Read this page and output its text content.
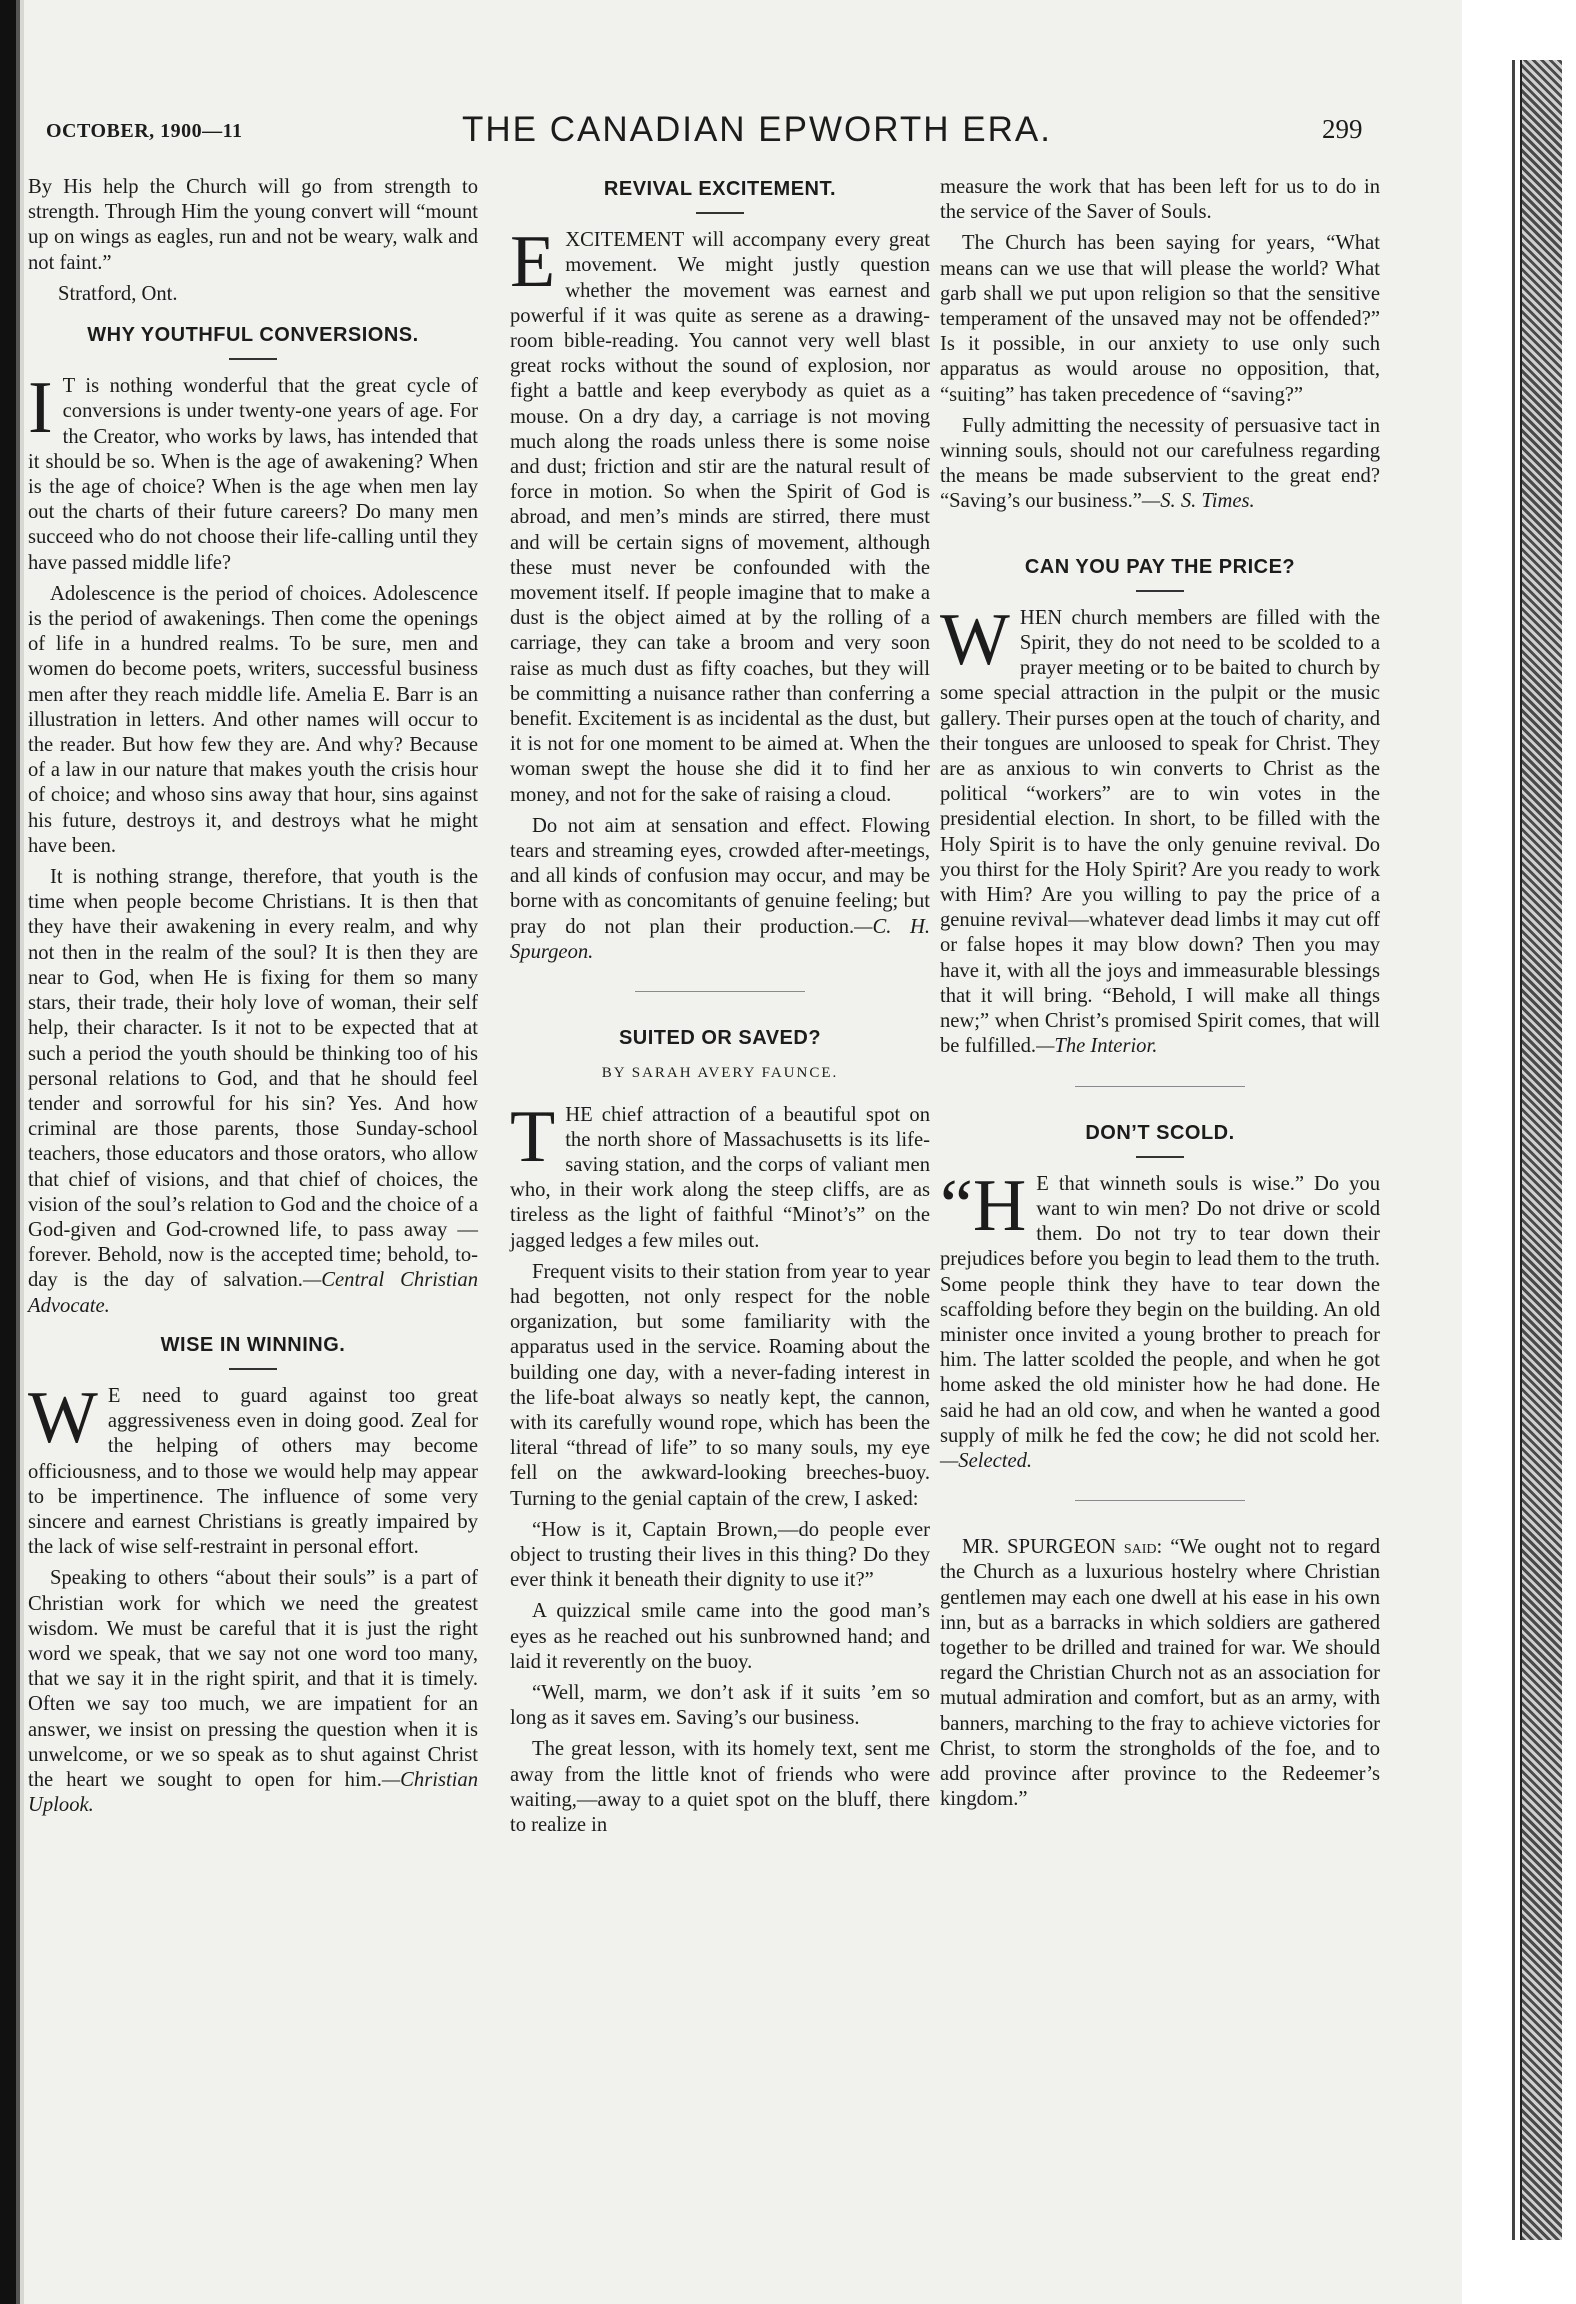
OCTOBER, 1900—11	THE CANADIAN EPWORTH ERA.	299

By His help the Church will go from strength to strength. Through Him the young convert will “mount up on wings as eagles, run and not be weary, walk and not faint.”

Stratford, Ont.

WHY YOUTHFUL CONVERSIONS.

I T is nothing wonderful that the great cycle of conversions is under twenty-one years of age. For the Creator, who works by laws, has intended that it should be so. When is the age of awakening? When is the age of choice? When is the age when men lay out the charts of their future careers? Do many men succeed who do not choose their life-calling until they have passed middle life?

Adolescence is the period of choices. Adolescence is the period of awakenings. Then come the openings of life in a hundred realms. To be sure, men and women do become poets, writers, successful business men after they reach middle life. Amelia E. Barr is an illustration in letters. And other names will occur to the reader. But how few they are. And why? Because of a law in our nature that makes youth the crisis hour of choice; and whoso sins away that hour, sins against his future, destroys it, and destroys what he might have been.

It is nothing strange, therefore, that youth is the time when people become Christians. It is then that they have their awakening in every realm, and why not then in the realm of the soul? It is then they are near to God, when He is fixing for them so many stars, their trade, their holy love of woman, their self help, their character. Is it not to be expected that at such a period the youth should be thinking too of his personal relations to God, and that he should feel tender and sorrowful for his sin? Yes. And how criminal are those parents, those Sunday-school teachers, those educators and those orators, who allow that chief of visions, and that chief of choices, the vision of the soul’s relation to God and the choice of a God-given and God-crowned life, to pass away —forever. Behold, now is the accepted time; behold, to-day is the day of salvation.—Central Christian Advocate.

WISE IN WINNING.

W E need to guard against too great aggressiveness even in doing good. Zeal for the helping of others may become officiousness, and to those we would help may appear to be impertinence. The influence of some very sincere and earnest Christians is greatly impaired by the lack of wise self-restraint in personal effort.

Speaking to others “about their souls” is a part of Christian work for which we need the greatest wisdom. We must be careful that it is just the right word we speak, that we say not one word too many, that we say it in the right spirit, and that it is timely. Often we say too much, we are impatient for an answer, we insist on pressing the question when it is unwelcome, or we so speak as to shut against Christ the heart we sought to open for him.—Christian Uplook.

REVIVAL EXCITEMENT.

EXCITEMENT will accompany every great movement. We might justly question whether the movement was earnest and powerful if it was quite as serene as a drawing-room bible-reading. You cannot very well blast great rocks without the sound of explosion, nor fight a battle and keep everybody as quiet as a mouse. On a dry day, a carriage is not moving much along the roads unless there is some noise and dust; friction and stir are the natural result of force in motion. So when the Spirit of God is abroad, and men’s minds are stirred, there must and will be certain signs of movement, although these must never be confounded with the movement itself. If people imagine that to make a dust is the object aimed at by the rolling of a carriage, they can take a broom and very soon raise as much dust as fifty coaches, but they will be committing a nuisance rather than conferring a benefit. Excitement is as incidental as the dust, but it is not for one moment to be aimed at. When the woman swept the house she did it to find her money, and not for the sake of raising a cloud.

Do not aim at sensation and effect. Flowing tears and streaming eyes, crowded after-meetings, and all kinds of confusion may occur, and may be borne with as concomitants of genuine feeling; but pray do not plan their production.—C. H. Spurgeon.

SUITED OR SAVED?
BY SARAH AVERY FAUNCE.

THE chief attraction of a beautiful spot on the north shore of Massachusetts is its life-saving station, and the corps of valiant men who, in their work along the steep cliffs, are as tireless as the light of faithful “Minot’s” on the jagged ledges a few miles out.

Frequent visits to their station from year to year had begotten, not only respect for the noble organization, but some familiarity with the apparatus used in the service. Roaming about the building one day, with a never-fading interest in the life-boat always so neatly kept, the cannon, with its carefully wound rope, which has been the literal “thread of life” to so many souls, my eye fell on the awkward-looking breeches-buoy. Turning to the genial captain of the crew, I asked:

“How is it, Captain Brown,—do people ever object to trusting their lives in this thing? Do they ever think it beneath their dignity to use it?”

A quizzical smile came into the good man’s eyes as he reached out his sunbrowned hand; and laid it reverently on the buoy.

“Well, marm, we don’t ask if it suits ’em so long as it saves em. Saving’s our business.

The great lesson, with its homely text, sent me away from the little knot of friends who were waiting,—away to a quiet spot on the bluff, there to realize in

measure the work that has been left for us to do in the service of the Saver of Souls.

The Church has been saying for years, “What means can we use that will please the world? What garb shall we put upon religion so that the sensitive temperament of the unsaved may not be offended?” Is it possible, in our anxiety to use only such apparatus as would arouse no opposition, that, “suiting” has taken precedence of “saving?”

Fully admitting the necessity of persuasive tact in winning souls, should not our carefulness regarding the means be made subservient to the great end? “Saving’s our business.”—S. S. Times.

CAN YOU PAY THE PRICE?

WHEN church members are filled with the Spirit, they do not need to be scolded to a prayer meeting or to be baited to church by some special attraction in the pulpit or the music gallery. Their purses open at the touch of charity, and their tongues are unloosed to speak for Christ. They are as anxious to win converts to Christ as the political “workers” are to win votes in the presidential election. In short, to be filled with the Holy Spirit is to have the only genuine revival. Do you thirst for the Holy Spirit? Are you ready to work with Him? Are you willing to pay the price of a genuine revival—whatever dead limbs it may cut off or false hopes it may blow down? Then you may have it, with all the joys and immeasurable blessings that it will bring. “Behold, I will make all things new;” when Christ’s promised Spirit comes, that will be fulfilled.—The Interior.

DON’T SCOLD.

“H E that winneth souls is wise.” Do you want to win men? Do not drive or scold them. Do not try to tear down their prejudices before you begin to lead them to the truth. Some people think they have to tear down the scaffolding before they begin on the building. An old minister once invited a young brother to preach for him. The latter scolded the people, and when he got home asked the old minister how he had done. He said he had an old cow, and when he wanted a good supply of milk he fed the cow; he did not scold her.—Selected.

MR. SPURGEON said: “We ought not to regard the Church as a luxurious hostelry where Christian gentlemen may each one dwell at his ease in his own inn, but as a barracks in which soldiers are gathered together to be drilled and trained for war. We should regard the Christian Church not as an association for mutual admiration and comfort, but as an army, with banners, marching to the fray to achieve victories for Christ, to storm the strongholds of the foe, and to add province after province to the Redeemer’s kingdom.”
